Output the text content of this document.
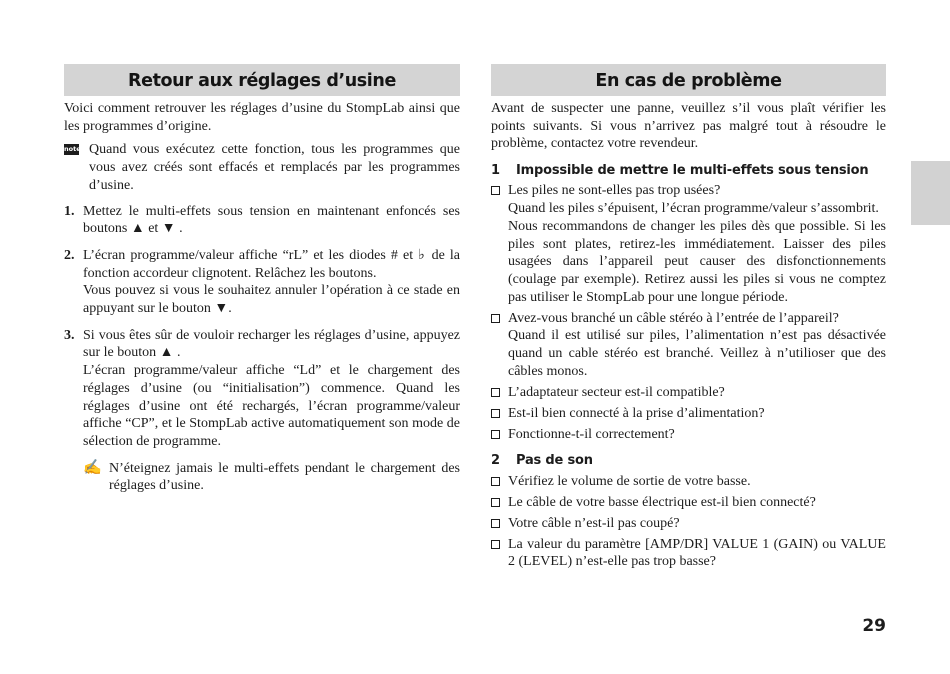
Retour aux réglages d’usine

Voici comment retrouver les réglages d’usine du StompLab ainsi que les programmes d’origine.

note Quand vous exécutez cette fonction, tous les programmes que vous avez créés sont effacés et remplacés par les programmes d’usine.

1. Mettez le multi-effets sous tension en maintenant enfoncés ses boutons ▲ et ▼ .

2. L’écran programme/valeur affiche “rL” et les diodes # et ♭ de la fonction accordeur clignotent. Relâchez les boutons.

Vous pouvez si vous le souhaitez annuler l’opération à ce stade en appuyant sur le bouton ▼.

3. Si vous êtes sûr de vouloir recharger les réglages d’usine, appuyez sur le bouton ▲ .

L’écran programme/valeur affiche “Ld” et le chargement des réglages d’usine (ou “initialisation”) commence. Quand les réglages d’usine ont été rechargés, l’écran programme/valeur affiche “CP”, et le StompLab active automatiquement son mode de sélection de programme.

✍ N’éteignez jamais le multi-effets pendant le chargement des réglages d’usine.

En cas de problème

Avant de suspecter une panne, veuillez s’il vous plaît vérifier les points suivants. Si vous n’arrivez pas malgré tout à résoudre le problème, contactez votre revendeur.

1	Impossible de mettre le multi-effets sous tension

Les piles ne sont-elles pas trop usées?

Quand les piles s’épuisent, l’écran programme/valeur s’assombrit.

Nous recommandons de changer les piles dès que possible. Si les piles sont plates, retirez-les immédiatement. Laisser des piles usagées dans l’appareil peut causer des disfonctionnements (coulage par exemple). Retirez aussi les piles si vous ne comptez pas utiliser le StompLab pour une longue période.

Avez-vous branché un câble stéréo à l’entrée de l’appareil?

Quand il est utilisé sur piles, l’alimentation n’est pas désactivée quand un cable stéréo est branché. Veillez à n’utilioser que des câbles monos.

L’adaptateur secteur est-il compatible?

Est-il bien connecté à la prise d’alimentation?

Fonctionne-t-il correctement?

2	Pas de son

Vérifiez le volume de sortie de votre basse.

Le câble de votre basse électrique est-il bien connecté?

Votre câble n’est-il pas coupé?

La valeur du paramètre [AMP/DR] VALUE 1 (GAIN) ou VALUE 2 (LEVEL) n’est-elle pas trop basse?

29
